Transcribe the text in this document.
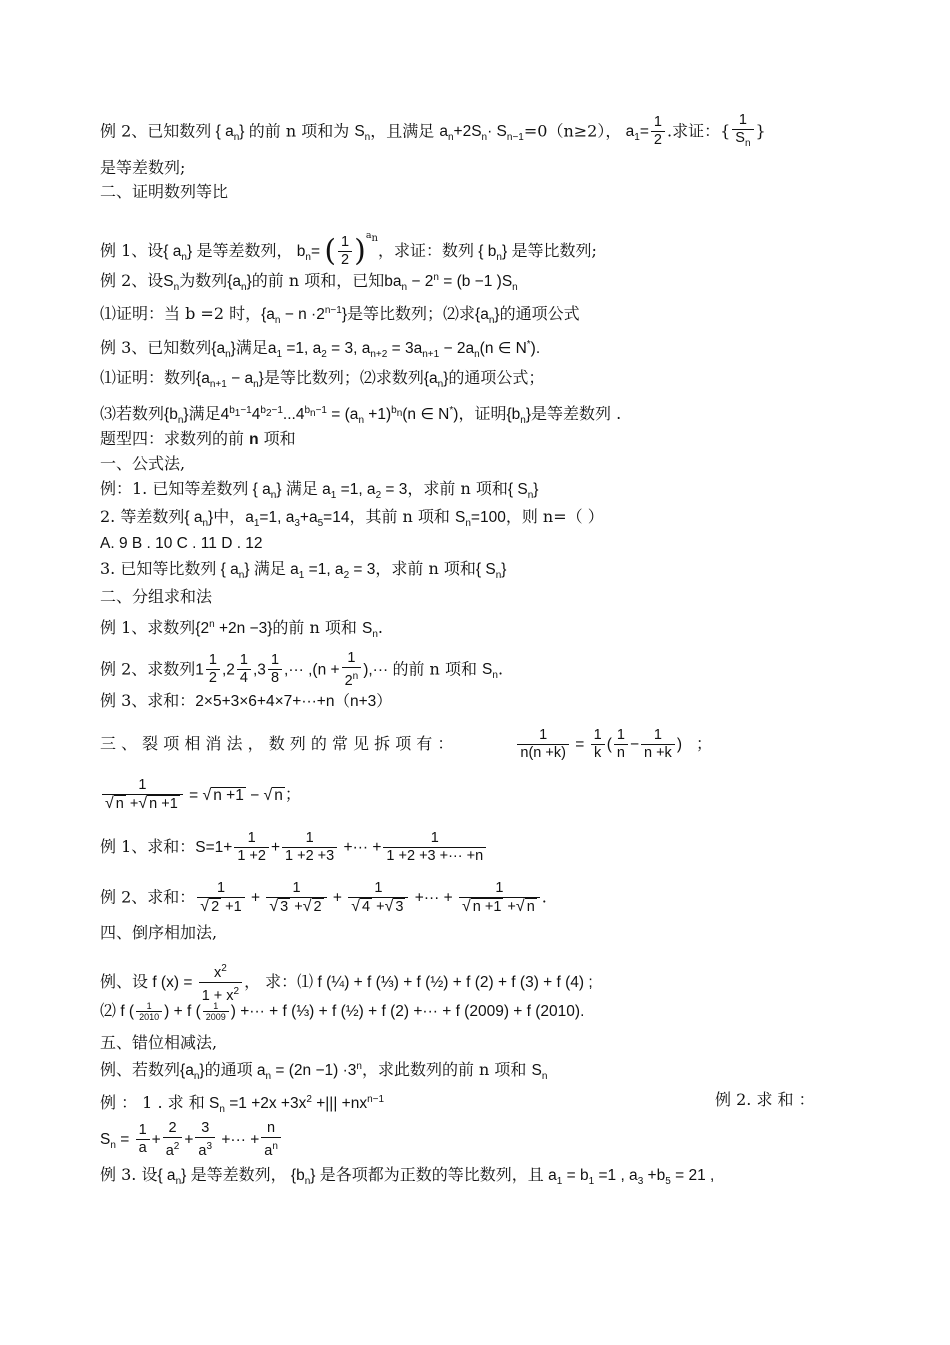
例 2、已知数列 { $a_n$} 的前 n 项和为 $S_n$，且满足 $a_n+2S_n\cdot S_{n-1}=0(n\ge 2)$， $a_1= \frac{1}{2}$ .求证：{ $\frac{1}{S_n}$ }
是等差数列;
二、证明数列等比
例 1、设{ $a_n$} 是等差数列， $b_n=$ ( $\frac{1}{2} )^{a_n}$，求证：数列 { $b_n$} 是等比数列;
例 2、设$S_n$为数列$\{a_n\}$的前 n 项和，已知$ba_n - 2^n = (b -1$ )$S_n$
⑴证明：当 b =2 时，$\{a_n - n \cdot 2^{n-1}\}$是等比数列；⑵求$\{a_n\}$的通项公式
例 3、已知数列$\{a_n\}$满足$a_1 =1$, $a_2 = 3$, $a_{n+2} = 3a_{n+1} - 2a_n(n$ ∈ N*).
⑴证明：数列$\{a_{n+1} - a_n\}$是等比数列；⑵求数列$\{a_n\}$的通项公式；
⑶若数列$\{b_n\}$满足$4^{b_1-1}4^{b_2-1}...4^{b_n-1} = (a_n +1)^{b_n}(n$ ∈ N*)，证明$\{b_n\}$是等差数列 .
题型四：求数列的前 n 项和
一、公式法,
例：1. 已知等差数列 { $a_n$} 满足 $a_1 =1$, $a_2 = 3$，求前 n 项和{ $S_n$}
2. 等差数列{ $a_n$}中，$a_1=1$, $a_3+a_5=14$，其前 n 项和 $S_n=100$，则 n=（ ）
A. 9 B . 10 C . 11 D . 12
3. 已知等比数列 { $a_n$} 满足 $a_1 =1$, $a_2 = 3$，求前 n 项和{ $S_n$}
二、分组求和法
例 1、求数列$\{2^n +2n -3\}$的前 n 项和 $S_n$.
例 2、求数列$1 \frac{1}{2} ,2 \frac{1}{4} ,3 \frac{1}{8}$ ,··· $,(n + \frac{1}{2^n}$ ),··· 的前 n 项和 $S_n$.
例 3、求和：2×5+3×6+4×7+···+n（n+3）
三 、 裂 项 相 消 法 ， 数 列 的 常 见 拆 项 有 ：	$\frac{1}{n(n +k)} = \frac{1}{k}$ ( $\frac{1}{n} - \frac{1}{n +k}$ ) ；
$\frac{1}{√ n +√ n +1}$ = √ n +1 − √ n ；
例 1、求和：$S=1+ \frac{1}{1 +2} + \frac{1}{1 +2 +3}$ +··· + $\frac{1}{1 +2 +3 +\cdot\cdot\cdot +n}$
例 2、求和： $\frac{1}{√ 2 +1} + \frac{1}{√ 3 +√ 2} + \frac{1}{√ 4 +√ 3}$ +··· + $\frac{1}{√ n +1 +√ n}$ .
四、倒序相加法,
例、设 f $(x) = \frac{x^2}{1 + x^2}$ ， 求：⑴ f (¼) + f (⅓) + f (½) + f (2) + f (3) + f (4) ;
⑵ f ( $\frac{1}{2010}$ ) + f ( $\frac{1}{2009}$ ) +··· + f (⅓) + f (½) + f (2) +··· + f (2009) + f (2010).
五、错位相减法,
例、若数列$\{a_n\}$的通项 $a_n = (2n -1) \cdot 3^n$，求此数列的前 n 项和 $S_n$
例 ： 1 . 求 和 $S_n =1 +2x +3x^2$ +||| $+nx^{n-1}$	例 2. 求 和 ：
$S_n = \frac{1}{a} + \frac{2}{a^2} + \frac{3}{a^3}$ +··· + $\frac{n}{a^n}$
例 3. 设{ $a_n$} 是等差数列， $\{b_n\}$ 是各项都为正数的等比数列，且 $a_1 = b_1 =1$ , $a_3 +b_5 = 21$ ,
